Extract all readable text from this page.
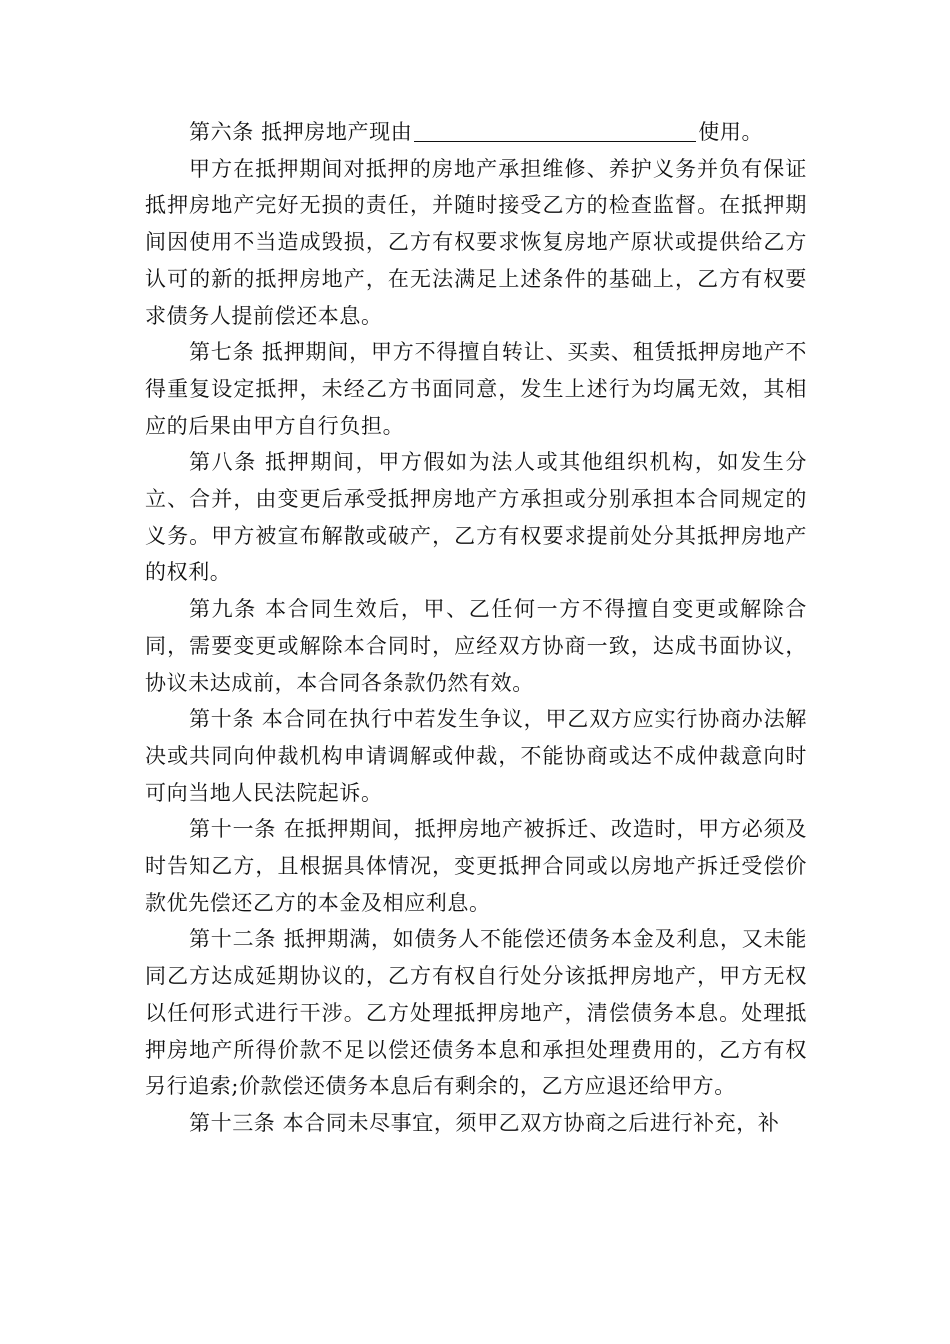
第六条 抵押房地产现由	使用。

甲方在抵押期间对抵押的房地产承担维修、养护义务并负有保证抵押房地产完好无损的责任，并随时接受乙方的检查监督。在抵押期间因使用不当造成毁损，乙方有权要求恢复房地产原状或提供给乙方认可的新的抵押房地产，在无法满足上述条件的基础上，乙方有权要求债务人提前偿还本息。

第七条 抵押期间，甲方不得擅自转让、买卖、租赁抵押房地产不得重复设定抵押，未经乙方书面同意，发生上述行为均属无效，其相应的后果由甲方自行负担。

第八条 抵押期间，甲方假如为法人或其他组织机构，如发生分立、合并，由变更后承受抵押房地产方承担或分别承担本合同规定的义务。甲方被宣布解散或破产，乙方有权要求提前处分其抵押房地产的权利。

第九条 本合同生效后，甲、乙任何一方不得擅自变更或解除合同，需要变更或解除本合同时，应经双方协商一致，达成书面协议，协议未达成前，本合同各条款仍然有效。

第十条 本合同在执行中若发生争议，甲乙双方应实行协商办法解决或共同向仲裁机构申请调解或仲裁，不能协商或达不成仲裁意向时可向当地人民法院起诉。

第十一条 在抵押期间，抵押房地产被拆迁、改造时，甲方必须及时告知乙方，且根据具体情况，变更抵押合同或以房地产拆迁受偿价款优先偿还乙方的本金及相应利息。

第十二条 抵押期满，如债务人不能偿还债务本金及利息，又未能同乙方达成延期协议的，乙方有权自行处分该抵押房地产，甲方无权以任何形式进行干涉。乙方处理抵押房地产，清偿债务本息。处理抵押房地产所得价款不足以偿还债务本息和承担处理费用的，乙方有权另行追索;价款偿还债务本息后有剩余的，乙方应退还给甲方。

第十三条 本合同未尽事宜，须甲乙双方协商之后进行补充，补
